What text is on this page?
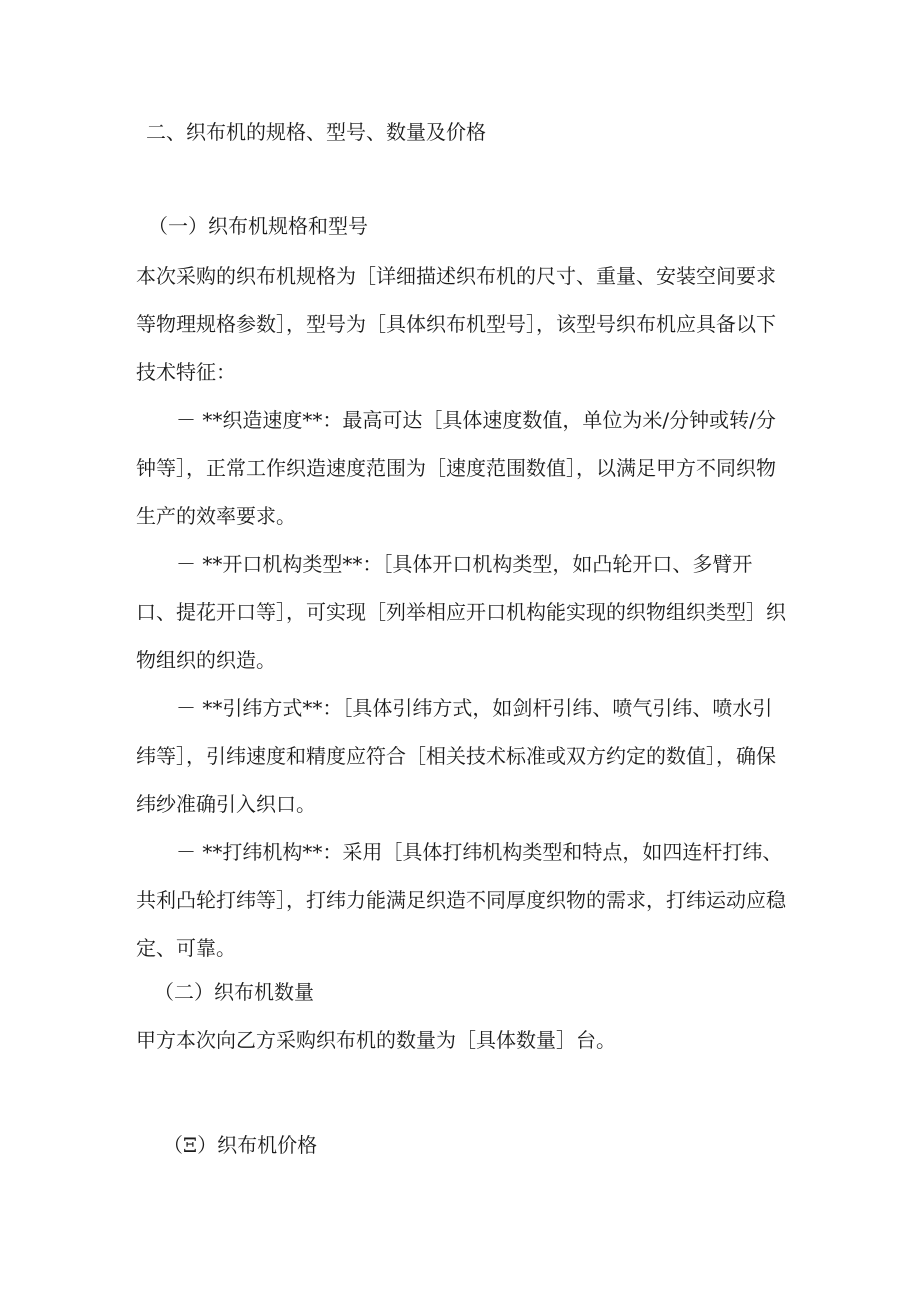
二、织布机的规格、型号、数量及价格
（一）织布机规格和型号

本次采购的织布机规格为［详细描述织布机的尺寸、重量、安装空间要求等物理规格参数］，型号为［具体织布机型号］，该型号织布机应具备以下技术特征：

－ **织造速度**：最高可达［具体速度数值，单位为米/分钟或转/分钟等］，正常工作织造速度范围为［速度范围数值］，以满足甲方不同织物生产的效率要求。

－ **开口机构类型**：［具体开口机构类型，如凸轮开口、多臂开口、提花开口等］，可实现［列举相应开口机构能实现的织物组织类型］织物组织的织造。

－ **引纬方式**：［具体引纬方式，如剑杆引纬、喷气引纬、喷水引纬等］，引纬速度和精度应符合［相关技术标准或双方约定的数值］，确保纬纱准确引入织口。

－ **打纬机构**：采用［具体打纬机构类型和特点，如四连杆打纬、共利凸轮打纬等］，打纬力能满足织造不同厚度织物的需求，打纬运动应稳定、可靠。

（二）织布机数量

甲方本次向乙方采购织布机的数量为［具体数量］台。

（Ξ）织布机价格
